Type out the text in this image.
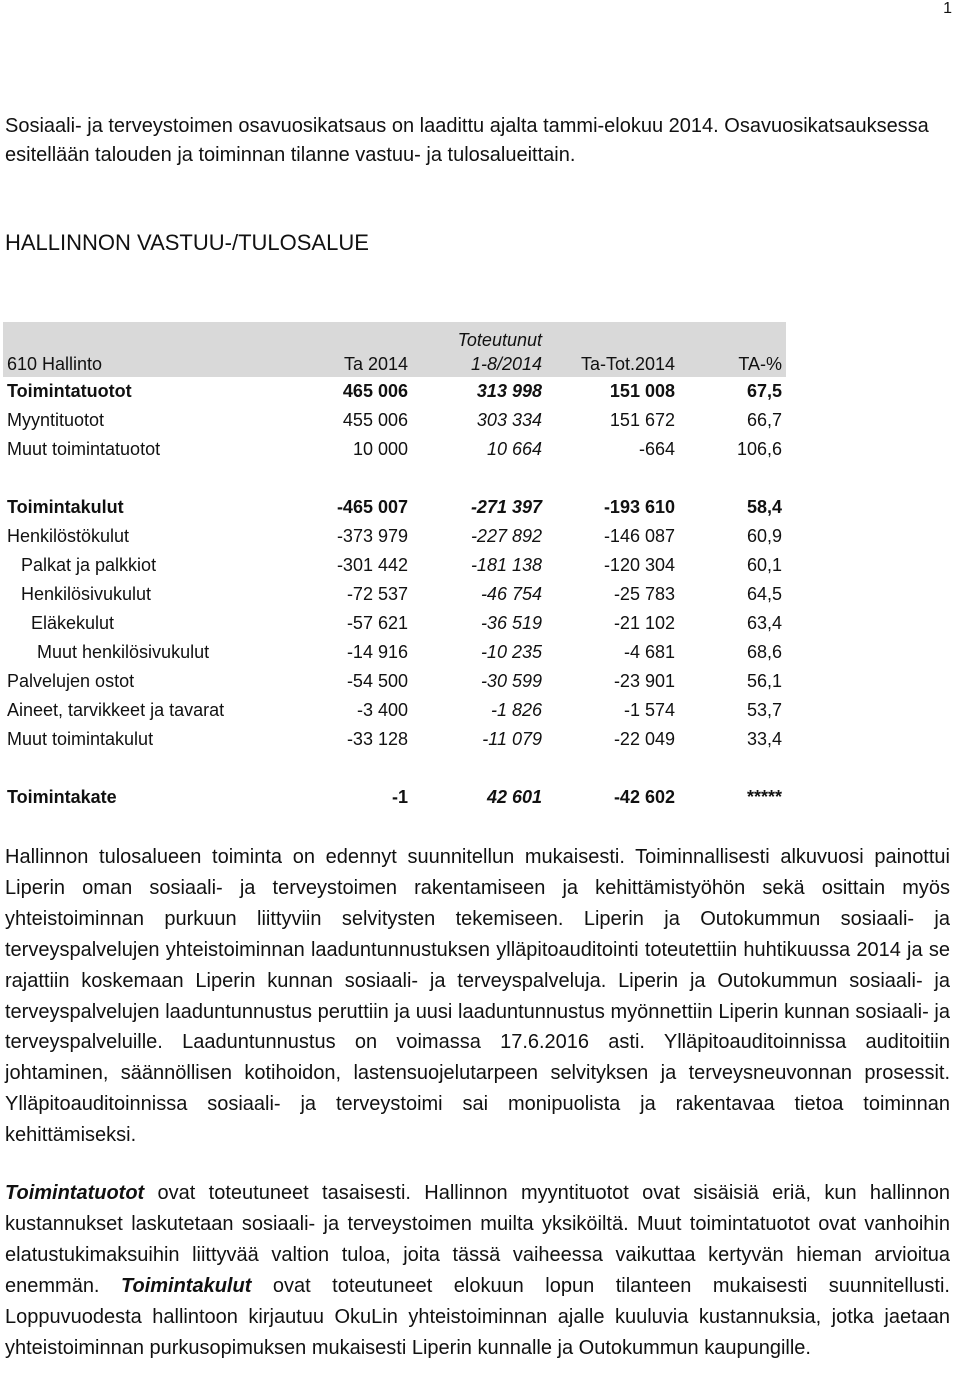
1
Sosiaali- ja terveystoimen osavuosikatsaus on laadittu ajalta tammi-elokuu 2014. Osavuosikatsauksessa esitellään talouden ja toiminnan tilanne vastuu- ja tulosalueittain.
HALLINNON VASTUU-/TULOSALUE
		Toteutunut		
610 Hallinto	Ta 2014	1-8/2014	Ta-Tot.2014	TA-%
Toimintatuotot	465 006	313 998	151 008	67,5
Myyntituotot	455 006	303 334	151 672	66,7
Muut toimintatuotot	10 000	10 664	-664	106,6

Toimintakulut	-465 007	-271 397	-193 610	58,4
Henkilöstökulut	-373 979	-227 892	-146 087	60,9
Palkat ja palkkiot	-301 442	-181 138	-120 304	60,1
Henkilösivukulut	-72 537	-46 754	-25 783	64,5
Eläkekulut	-57 621	-36 519	-21 102	63,4
Muut henkilösivukulut	-14 916	-10 235	-4 681	68,6
Palvelujen ostot	-54 500	-30 599	-23 901	56,1
Aineet, tarvikkeet ja tavarat	-3 400	-1 826	-1 574	53,7
Muut toimintakulut	-33 128	-11 079	-22 049	33,4

Toimintakate	-1	42 601	-42 602	*****
Hallinnon tulosalueen toiminta on edennyt suunnitellun mukaisesti. Toiminnallisesti alkuvuosi painottui Liperin oman sosiaali- ja terveystoimen rakentamiseen ja kehittämistyöhön sekä osittain myös yhteistoiminnan purkuun liittyviin selvitysten tekemiseen. Liperin ja Outokummun sosiaali- ja terveyspalvelujen yhteistoiminnan laaduntunnustuksen ylläpitoauditointi toteutettiin huhtikuussa 2014 ja se rajattiin koskemaan Liperin kunnan sosiaali- ja terveyspalveluja. Liperin ja Outokummun sosiaali- ja terveyspalvelujen laaduntunnustus peruttiin ja uusi laaduntunnustus myönnettiin Liperin kunnan sosiaali- ja terveyspalveluille. Laaduntunnustus on voimassa 17.6.2016 asti. Ylläpitoauditoinnissa auditoitiin johtaminen, säännöllisen kotihoidon, lastensuojelutarpeen selvityksen ja terveysneuvonnan prosessit. Ylläpitoauditoinnissa sosiaali- ja terveystoimi sai monipuolista ja rakentavaa tietoa toiminnan kehittämiseksi.
Toimintatuotot ovat toteutuneet tasaisesti. Hallinnon myyntituotot ovat sisäisiä eriä, kun hallinnon kustannukset laskutetaan sosiaali- ja terveystoimen muilta yksiköiltä. Muut toimintatuotot ovat vanhoihin elatustukimaksuihin liittyvää valtion tuloa, joita tässä vaiheessa vaikuttaa kertyvän hieman arvioitua enemmän. Toimintakulut ovat toteutuneet elokuun lopun tilanteen mukaisesti suunnitellusti. Loppuvuodesta hallintoon kirjautuu OkuLin yhteistoiminnan ajalle kuuluvia kustannuksia, jotka jaetaan yhteistoiminnan purkusopimuksen mukaisesti Liperin kunnalle ja Outokummun kaupungille.
